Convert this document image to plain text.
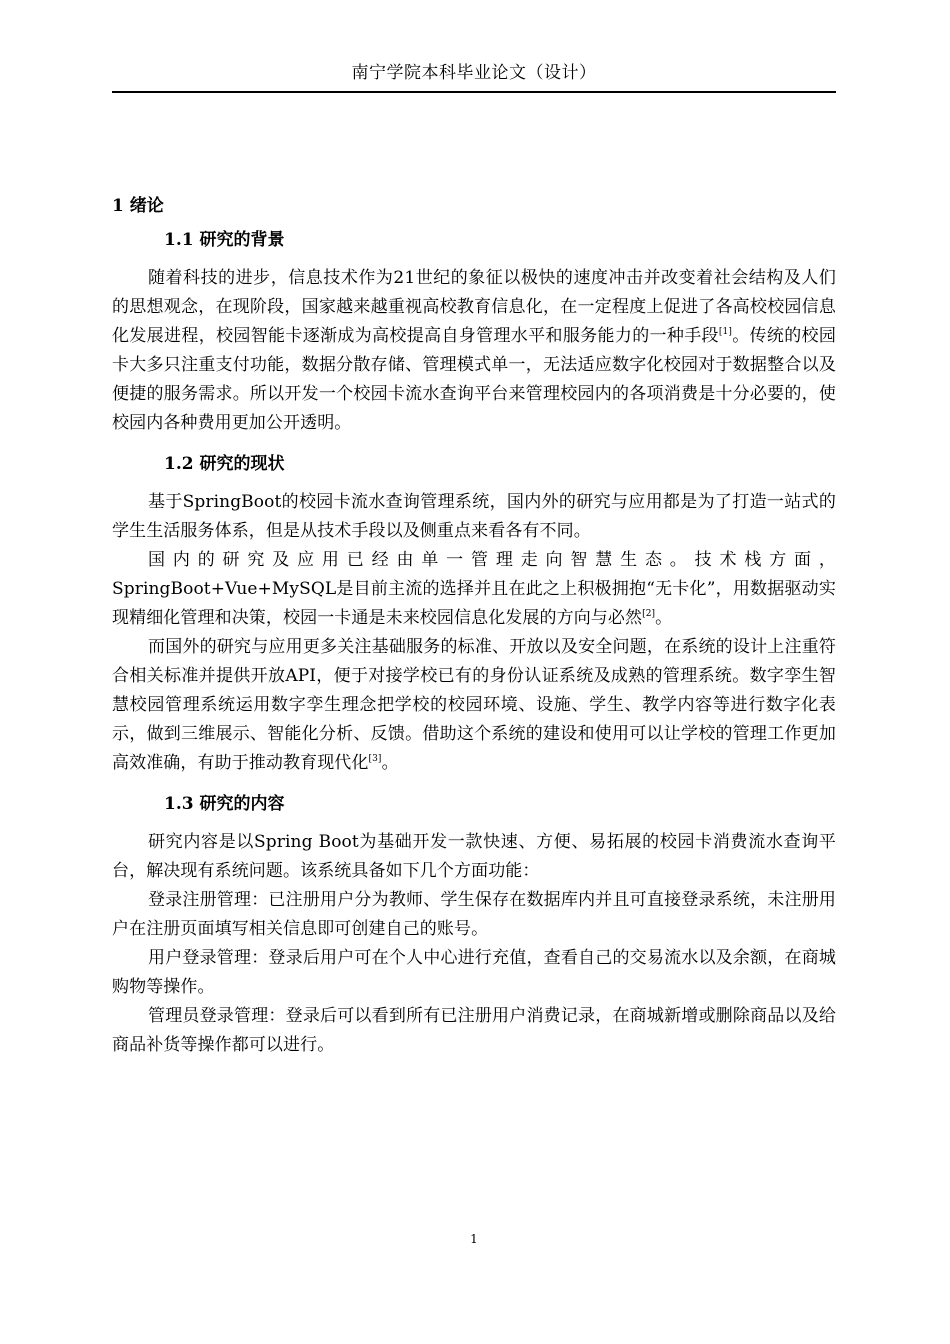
南宁学院本科毕业论文（设计）
1 绪论
1.1 研究的背景

随着科技的进步，信息技术作为21世纪的象征以极快的速度冲击并改变着社会结构及人们的思想观念，在现阶段，国家越来越重视高校教育信息化，在一定程度上促进了各高校校园信息化发展进程，校园智能卡逐渐成为高校提高自身管理水平和服务能力的一种手段[1]。传统的校园卡大多只注重支付功能，数据分散存储、管理模式单一，无法适应数字化校园对于数据整合以及便捷的服务需求。所以开发一个校园卡流水查询平台来管理校园内的各项消费是十分必要的，使校园内各种费用更加公开透明。

1.2 研究的现状

基于SpringBoot的校园卡流水查询管理系统，国内外的研究与应用都是为了打造一站式的学生生活服务体系，但是从技术手段以及侧重点来看各有不同。

国内的研究及应用已经由单一管理走向智慧生态。技术栈方面，SpringBoot+Vue+MySQL是目前主流的选择并且在此之上积极拥抱“无卡化”，用数据驱动实现精细化管理和决策，校园一卡通是未来校园信息化发展的方向与必然[2]。

而国外的研究与应用更多关注基础服务的标准、开放以及安全问题，在系统的设计上注重符合相关标准并提供开放API，便于对接学校已有的身份认证系统及成熟的管理系统。数字孪生智慧校园管理系统运用数字孪生理念把学校的校园环境、设施、学生、教学内容等进行数字化表示，做到三维展示、智能化分析、反馈。借助这个系统的建设和使用可以让学校的管理工作更加高效准确，有助于推动教育现代化[3]。

1.3 研究的内容

研究内容是以Spring Boot为基础开发一款快速、方便、易拓展的校园卡消费流水查询平台，解决现有系统问题。该系统具备如下几个方面功能：

登录注册管理：已注册用户分为教师、学生保存在数据库内并且可直接登录系统，未注册用户在注册页面填写相关信息即可创建自己的账号。

用户登录管理：登录后用户可在个人中心进行充值，查看自己的交易流水以及余额，在商城购物等操作。

管理员登录管理：登录后可以看到所有已注册用户消费记录，在商城新增或删除商品以及给商品补货等操作都可以进行。

1
